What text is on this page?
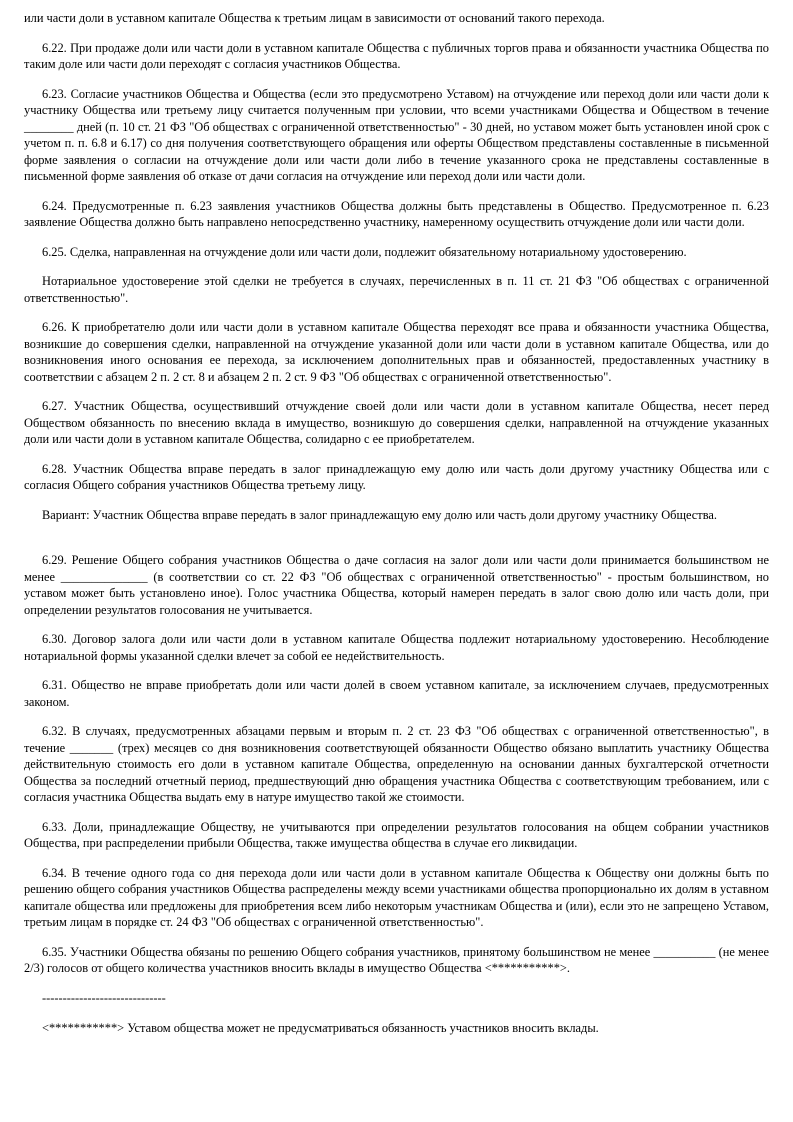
или части доли в уставном капитале Общества к третьим лицам в зависимости от оснований такого перехода.

6.22. При продаже доли или части доли в уставном капитале Общества с публичных торгов права и обязанности участника Общества по таким доле или части доли переходят с согласия участников Общества.

6.23. Согласие участников Общества и Общества (если это предусмотрено Уставом) на отчуждение или переход доли или части доли к участнику Общества или третьему лицу считается полученным при условии, что всеми участниками Общества и Обществом в течение ________ дней (п. 10 ст. 21 ФЗ "Об обществах с ограниченной ответственностью" - 30 дней, но уставом может быть установлен иной срок с учетом п. п. 6.8 и 6.17) со дня получения соответствующего обращения или оферты Обществом представлены составленные в письменной форме заявления о согласии на отчуждение доли или части доли либо в течение указанного срока не представлены составленные в письменной форме заявления об отказе от дачи согласия на отчуждение или переход доли или части доли.

6.24. Предусмотренные п. 6.23 заявления участников Общества должны быть представлены в Общество. Предусмотренное п. 6.23 заявление Общества должно быть направлено непосредственно участнику, намеренному осуществить отчуждение доли или части доли.

6.25. Сделка, направленная на отчуждение доли или части доли, подлежит обязательному нотариальному удостоверению.

Нотариальное удостоверение этой сделки не требуется в случаях, перечисленных в п. 11 ст. 21 ФЗ "Об обществах с ограниченной ответственностью".

6.26. К приобретателю доли или части доли в уставном капитале Общества переходят все права и обязанности участника Общества, возникшие до совершения сделки, направленной на отчуждение указанной доли или части доли в уставном капитале Общества, или до возникновения иного основания ее перехода, за исключением дополнительных прав и обязанностей, предоставленных участнику в соответствии с абзацем 2 п. 2 ст. 8 и абзацем 2 п. 2 ст. 9 ФЗ "Об обществах с ограниченной ответственностью".

6.27. Участник Общества, осуществивший отчуждение своей доли или части доли в уставном капитале Общества, несет перед Обществом обязанность по внесению вклада в имущество, возникшую до совершения сделки, направленной на отчуждение указанных доли или части доли в уставном капитале Общества, солидарно с ее приобретателем.

6.28. Участник Общества вправе передать в залог принадлежащую ему долю или часть доли другому участнику Общества или с согласия Общего собрания участников Общества третьему лицу.

Вариант: Участник Общества вправе передать в залог принадлежащую ему долю или часть доли другому участнику Общества.

6.29. Решение Общего собрания участников Общества о даче согласия на залог доли или части доли принимается большинством не менее ______________ (в соответствии со ст. 22 ФЗ "Об обществах с ограниченной ответственностью" - простым большинством, но уставом может быть установлено иное). Голос участника Общества, который намерен передать в залог свою долю или часть доли, при определении результатов голосования не учитывается.

6.30. Договор залога доли или части доли в уставном капитале Общества подлежит нотариальному удостоверению. Несоблюдение нотариальной формы указанной сделки влечет за собой ее недействительность.

6.31. Общество не вправе приобретать доли или части долей в своем уставном капитале, за исключением случаев, предусмотренных законом.

6.32. В случаях, предусмотренных абзацами первым и вторым п. 2 ст. 23 ФЗ "Об обществах с ограниченной ответственностью", в течение _______ (трех) месяцев со дня возникновения соответствующей обязанности Общество обязано выплатить участнику Общества действительную стоимость его доли в уставном капитале Общества, определенную на основании данных бухгалтерской отчетности Общества за последний отчетный период, предшествующий дню обращения участника Общества с соответствующим требованием, или с согласия участника Общества выдать ему в натуре имущество такой же стоимости.

6.33. Доли, принадлежащие Обществу, не учитываются при определении результатов голосования на общем собрании участников Общества, при распределении прибыли Общества, также имущества общества в случае его ликвидации.

6.34. В течение одного года со дня перехода доли или части доли в уставном капитале Общества к Обществу они должны быть по решению общего собрания участников Общества распределены между всеми участниками общества пропорционально их долям в уставном капитале общества или предложены для приобретения всем либо некоторым участникам Общества и (или), если это не запрещено Уставом, третьим лицам в порядке ст. 24 ФЗ "Об обществах с ограниченной ответственностью".

6.35. Участники Общества обязаны по решению Общего собрания участников, принятому большинством не менее __________ (не менее 2/3) голосов от общего количества участников вносить вклады в имущество Общества <***********>.

------------------------------

<***********> Уставом общества может не предусматриваться обязанность участников вносить вклады.
